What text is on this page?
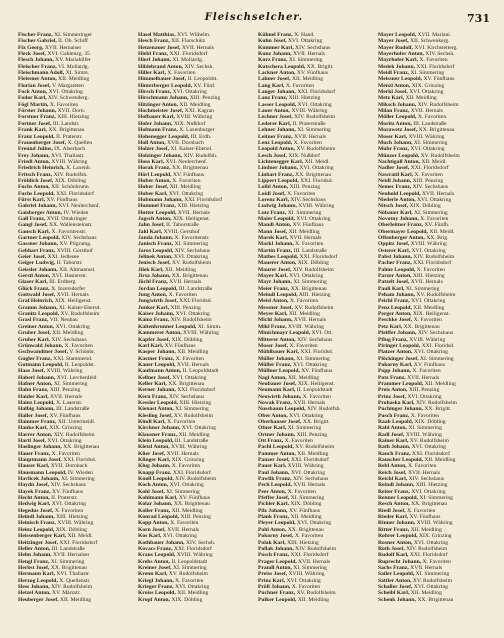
Fleischselcher.	731
Fischer Franz, XI. Simmeringer
Fischer Gabriel, II. Ob. Schiff
Fix Georg, XVII. Hernalser
Fleck Josef, XVI. Gablenzg. 35
Flesch Johann, XV. Mariahilfer
Fleischer Franz, VI. Mollardg.
Fleischmann Adolf, XI. Simm.
Fleissner Anton, XII. Meidling
Florian Josef, V. Margareten
Fock Anton, XVI. Ottakring
Fodor Karl, XIV. Schwenderg.
Fögl Martin, X. Favoriten
Förster Johann, XVII. Dorn.
Forstner Franz, XIII. Hietzing
Fortner Josef, III. Landstr.
Frank Karl, XX. Brigittenau
Franz Leopold, II. Praterstr.
Frauenberger Josef, X. Quellen
Freund Julius, IX. Alserbach
Frey Johann, XVI. Thaliastr.
Friedl Anton, XVIII. Währing
Friedrich Heinrich, X. Laxenb.
Fritsch Franz, XIV. Rudolfsh.
Fröhlich Josef, XIX. Döbling
Fuchs Anton, XII. Schönbrunn
Fuchs Leopold, XXI. Floridsdorf
Fürst Karl, XV. Fünfhaus
Gabriel Johann, XVI. Neulerchenf.
Gaisberger Anton, IV. Wieden
Gall Franz, XVII. Ottakringer
Gangl Josef, XX. Wallensteinstr.
Gansch Karl, X. Favoritenstr.
Gartner Leopold, XIV. Sechshaus
Gassner Johann, XV. Pilgramg.
Gebhart Franz, XVIII. Gersthof
Geier Josef, XXI. Jedlesee
Geiger Ludwig, II. Taborstr.
Geissler Johann, XII. Altmannsd.
Gerstl Anton, XVI. Hasnerstr.
Glaser Karl, III. Erdberg
Glück Franz, X. Inzersdorfer
Gottwald Josef, XVII. Hernals
Graf Heinrich, XIX. Heiligenst.
Gramm Johann, XI. Kaiser-Ebersd.
Granitz Leopold, XV. Rudolfsheim
Grasl Franz, VII. Neubau
Greiner Anton, XVI. Ottakring
Gruber Josef, XII. Meidling
Gruber Karl, XIV. Sechshaus
Grünwald Johann, X. Favoriten
Gschwandtner Josef, V. Schönbr.
Gugler Franz, XXI. Stammersd.
Gutmann Leopold, II. Leopoldst.
Haas Josef, XVIII. Währing
Haberl Johann, XVI. Lerchenfeld
Hafner Anton, XI. Simmering
Hahn Franz, XIII. Penzing
Haider Karl, XVII. Hernals
Hainz Leopold, X. Laaerstr.
Halbig Johann, III. Landstraße
Haller Josef, XV. Fünfhaus
Hammer Franz, XII. Untermeidl.
Hanke Karl, XIX. Grinzing
Harrer Anton, XIV. Rudolfsheim
Hartl Josef, XVI. Ottakring
Haslinger Johann, XX. Brigittenau
Hauer Franz, X. Favoriten
Hauptmann Josef, XXI. Floridsd.
Hauser Karl, XVII. Dornbach
Hausmann Leopold, IV. Wieden
Havlicek Johann, XI. Simmering
Haydn Josef, XIV. Sechshaus
Hayek Franz, XV. Fünfhaus
Hecht Anton, II. Praterstr.
Hedwig Karl, XVI. Ottakring
Hegedus Josef, X. Favoriten
Heindl Johann, XIII. Hietzing
Heinisch Franz, XVIII. Währing
Heinz Leopold, XIX. Döbling
Heissenberger Karl, XII. Meidl.
Heitzinger Josef, XXI. Floridsdorf
Heller Anton, III. Landstraße
Helm Johann, XVII. Hernalser
Hengl Franz, XI. Simmering
Herbst Josef, XX. Brigittenau
Hermann Karl, XVI. Thaliastr.
Herzog Leopold, X. Quellenstr.
Hess Johann, XIV. Rudolfsheim
Hetzel Anton, XV. Märzstr.
Heuberger Josef, XII. Meidling
Hasel Matthias, XVI. Wilhelm.
Hesch Franz, XII. Flurschütz
Hetzenauer Josef, XVII. Hernals
Hiebl Franz, XXI. Floridsdorf
Hierl Johann, XI. Mollardg.
Hildebrand Anton, XIV. Sechsh.
Hiller Karl, X. Favoriten
Himmelbauer Josef, II. Leopoldst.
Hinterberger Leopold, XV. Fünf.
Hirsch Franz, XVI. Ottakring
Hirschmann Johann, XIII. Penzing
Hitzinger Anton, XII. Meidling
Hochmeister Josef, XXI. Kagran
Hofbauer Karl, XVIII. Währing
Hofer Johann, XIX. Nußdorf
Hofmann Franz, X. Laxenburger
Hohenegger Leopold, III. Erdb.
Holl Anton, XVII. Dornbach
Holzer Josef, XI. Kaiser-Ebersd.
Holzinger Johann, XIV. Rudolfsh.
Hoos Karl, XVI. Neulerchenf.
Horak Franz, XX. Brigittenau
Hörl Leopold, XV. Fünfhaus
Huber Anton, X. Favoriten
Huber Josef, XII. Meidling
Huber Karl, XVI. Ottakring
Hubmann Johann, XXI. Floridsdorf
Hummel Franz, XIII. Hietzing
Hutter Leopold, XVII. Hernals
Jagsch Anton, XIX. Heiligenst.
Jahn Josef, II. Taborstraße
Jakl Karl, XVIII. Gersthof
Janda Johann, X. Favoritenstr.
Janisch Franz, XI. Simmering
Jaros Leopold, XIV. Sechshaus
Jelinek Anton, XVI. Ottakring
Jenisch Josef, XV. Rudolfsheim
Jilek Karl, XII. Meidling
Jirsa Johann, XX. Brigittenau
Jöchl Franz, XVII. Hernals
Jordan Leopold, III. Landstraße
Jung Anton, X. Favoriten
Jungwirth Josef, XXI. Floridsd.
Junker Karl, XIII. Penzing
Kaiser Johann, XVI. Ottakring
Kainz Franz, XIV. Rudolfsheim
Kaltenbrunner Leopold, XI. Simm.
Kammerer Anton, XVIII. Währing
Kapfer Josef, XIX. Döbling
Karl Karl, XV. Fünfhaus
Kasper Johann, XII. Meidling
Kastner Franz, X. Favoriten
Kauer Leopold, XVII. Hernals
Kaufmann Anton, II. Leopoldstadt
Kellner Josef, XVI. Ottakring
Keller Karl, XX. Brigittenau
Kerner Johann, XXI. Floridsdorf
Kern Franz, XIV. Sechshaus
Kessler Leopold, XIII. Hietzing
Kienast Anton, XI. Simmering
Kiesling Josef, XV. Rudolfsheim
Kindl Karl, X. Favoriten
Kirchner Johann, XVI. Ottakring
Klausner Franz, XII. Meidling
Klein Leopold, III. Landstraße
Kletzl Anton, XVIII. Währing
Klier Josef, XVII. Hernals
Klinger Karl, XIX. Grinzing
Klug Johann, X. Favoriten
Knapp Franz, XXI. Floridsdorf
Knoll Leopold, XIV. Rudolfsheim
Koch Anton, XVI. Ottakring
Kohl Josef, XI. Simmering
Kohlmann Karl, XV. Fünfhaus
Kolar Johann, XX. Brigittenau
Koller Franz, XII. Meidling
Konrad Leopold, XIII. Penzing
Kopp Anton, X. Favoriten
Korn Josef, XVII. Hernals
Kos Karl, XVI. Ottakring
Kothbauer Johann, XIV. Sechsh.
Kovacs Franz, XXI. Floridsdorf
Kraus Leopold, XVIII. Währing
Krebs Anton, II. Leopoldstadt
Kreiner Josef, XI. Simmering
Krenn Karl, XV. Rudolfsheim
Kriegl Johann, X. Favoriten
Krieger Franz, XVI. Ottakring
Kroiss Leopold, XII. Meidling
Kropf Anton, XIX. Döbling
Kühnel Franz, X. Hand.
Kuhn Josef, XVI. Ottakring
Kummer Karl, XIV. Sechshaus
Kunz Johann, XVII. Hernals
Kurz Franz, XI. Simmering
Kutschera Leopold, XX. Brigitt.
Lackner Anton, XV. Fünfhaus
Lahner Josef, XII. Meidling
Lang Karl, X. Favoriten
Langer Johann, XXI. Floridsdorf
Lanz Franz, XIII. Hietzing
Lasser Leopold, XVI. Ottakring
Lauer Anton, XVIII. Währing
Lechner Josef, XIV. Rudolfsheim
Lederer Karl, II. Praterstraße
Lehner Johann, XI. Simmering
Leitner Franz, XVII. Hernals
Lenz Leopold, X. Favoriten
Leopold Anton, XV. Rudolfsheim
Lesch Josef, XIX. Nußdorf
Lichtenegger Karl, XII. Meidl.
Lindner Johann, XVI. Ottakring
Linhart Franz, XX. Brigittenau
Lippert Leopold, XXI. Floridsd.
Loibl Anton, XIII. Penzing
Loidl Josef, X. Favoriten
Lorenz Karl, XIV. Sechshaus
Ludwig Johann, XVIII. Währing
Lutz Franz, XI. Simmering
Maier Leopold, XVI. Ottakring
Mandl Anton, XV. Fünfhaus
Mann Josef, XII. Meidling
Marek Karl, XVII. Hernals
Markl Johann, X. Favoriten
Martin Franz, III. Landstraße
Mathes Leopold, XXI. Floridsdorf
Mauerer Anton, XIX. Döbling
Maurer Josef, XIV. Rudolfsheim
Mayer Karl, XVI. Ottakring
Mayr Johann, XI. Simmering
Meier Franz, XX. Brigittenau
Meindl Leopold, XIII. Hietzing
Meisl Anton, X. Favoriten
Messner Josef, XV. Rudolfsheim
Meyer Karl, XII. Meidling
Michl Johann, XVII. Hernals
Mikl Franz, XVIII. Währing
Minichmayr Leopold, XVI. Ott.
Mitterer Anton, XIV. Sechshaus
Moser Josef, X. Favoriten
Mühlbauer Karl, XXI. Floridsd.
Müller Johann, XI. Simmering
Müller Franz, XVI. Ottakring
Müllner Leopold, XV. Fünfhaus
Nagl Anton, XII. Meidling
Neubauer Josef, XIX. Heiligenst.
Neumann Karl, II. Leopoldstadt
Neuwirth Johann, X. Favoriten
Nowak Franz, XVII. Hernals
Nussbaum Leopold, XIV. Rudolfsh.
Ober Anton, XVI. Ottakring
Oberhauser Josef, XX. Brigitt.
Ofner Karl, XI. Simmering
Ortner Johann, XIII. Penzing
Ott Franz, X. Favoriten
Pachl Leopold, XV. Rudolfsheim
Pammer Anton, XII. Meidling
Panzer Josef, XXI. Floridsdorf
Pauer Karl, XVIII. Währing
Paul Johann, XVI. Ottakring
Pawlik Franz, XIV. Sechshaus
Pech Leopold, XVII. Hernals
Peer Anton, X. Favoriten
Pfeffer Josef, XI. Simmering
Pichler Karl, XIX. Döbling
Pilz Johann, XV. Fünfhaus
Plank Franz, XII. Meidling
Pleyer Leopold, XVI. Ottakring
Pohl Anton, XX. Brigittenau
Pokorny Josef, X. Favoriten
Polak Karl, XIII. Hietzing
Pollak Johann, XIV. Rudolfsheim
Posch Franz, XXI. Floridsdorf
Prager Leopold, XVII. Hernals
Prandl Anton, XI. Simmering
Preiss Josef, XVIII. Währing
Prinz Karl, XVI. Ottakring
Pröll Johann, X. Favoriten
Puchner Franz, XV. Rudolfsheim
Pulker Leopold, XII. Meidling
Mayer Leopold, XVII. Mariani.
Mayer Josef, XII. Schwenkerg.
Mayer Rudolf, XVI. Kirchstetterg.
Mayerhofer Anton, XIV. Sechsh.
Mayrhofer Karl, X. Favoriten
Medek Johann, XXI. Floridsdorf
Meidl Franz, XI. Simmering
Meissner Leopold, XV. Fünfhaus
Menzl Anton, XIX. Grinzing
Merkl Josef, XVI. Ottakring
Metz Karl, XII. Meidling
Miksch Johann, XIV. Rudolfsheim
Milan Franz, XVII. Hernals
Möller Leopold, X. Favoriten
Moritz Anton, III. Landstraße
Morawetz Josef, XX. Brigittenau
Moser Karl, XVIII. Währing
Much Johann, XI. Simmering
Muhr Franz, XVI. Ottakring
Münzer Leopold, XV. Rudolfsheim
Nachtigall Anton, XII. Meidl.
Nadler Josef, XXI. Floridsdorf
Nawratil Karl, X. Favoriten
Neidl Johann, XIII. Penzing
Nemec Franz, XIV. Sechshaus
Neuhold Leopold, XVII. Hernals
Niederle Anton, XVI. Ottakring
Nitsch Josef, XIX. Döbling
Nöbauer Karl, XI. Simmering
Novotny Johann, X. Favoriten
Oberleitner Franz, XV. Fünfh.
Obermayer Leopold, XII. Meidl.
Offenberger Anton, XX. Brig.
Oppitz Josef, XVIII. Währing
Osterer Karl, XVI. Ottakring
Pabst Johann, XIV. Rudolfsheim
Pacher Franz, XXI. Floridsdorf
Palme Leopold, X. Favoriten
Parzer Anton, XIII. Hietzing
Patzelt Josef, XVII. Hernals
Pauli Karl, XI. Simmering
Peham Johann, XV. Rudolfsheim
Peichl Franz, XVI. Ottakring
Penz Leopold, XII. Meidling
Perger Anton, XIX. Heiligenst.
Peschke Josef, X. Favoriten
Petz Karl, XX. Brigittenau
Pfeiffer Johann, XIV. Sechshaus
Pflug Franz, XVIII. Währing
Piringer Leopold, XXI. Floridsd.
Platzer Anton, XVI. Ottakring
Plöckinger Josef, XI. Simmering
Pokorny Karl, XV. Fünfhaus
Popp Johann, X. Favoriten
Potz Franz, XVII. Hernals
Prammer Leopold, XII. Meidling
Preis Anton, XIII. Penzing
Prinz Josef, XVI. Ottakring
Prohaska Karl, XIV. Rudolfsheim
Puchinger Johann, XX. Brigitt.
Pusch Franz, X. Favoriten
Raab Leopold, XIX. Döbling
Rabl Anton, XI. Simmering
Radl Josef, XVIII. Währing
Rainer Karl, XV. Rudolfsheim
Rath Johann, XVI. Ottakring
Rauch Franz, XXI. Floridsdorf
Rauscher Leopold, XII. Meidling
Rebl Anton, X. Favoriten
Reich Josef, XVII. Hernals
Reichl Karl, XIV. Sechshaus
Reindl Johann, XIII. Hietzing
Reiter Franz, XVI. Ottakring
Renner Leopold, XI. Simmering
Resch Anton, XX. Brigittenau
Riedl Josef, X. Favoriten
Rieder Karl, XV. Fünfhaus
Rinner Johann, XVIII. Währing
Ritter Franz, XII. Meidling
Rohrer Leopold, XIX. Grinzing
Rosner Anton, XVI. Ottakring
Roth Josef, XIV. Rudolfsheim
Rudolf Karl, XXI. Floridsdorf
Ruprecht Johann, X. Favoriten
Sachs Franz, XVII. Hernals
Sailer Leopold, XI. Simmering
Sattler Anton, XV. Rudolfsheim
Schaller Josef, XVI. Ottakring
Scheibl Karl, XII. Meidling
Schenk Johann, XX. Brigittenau
